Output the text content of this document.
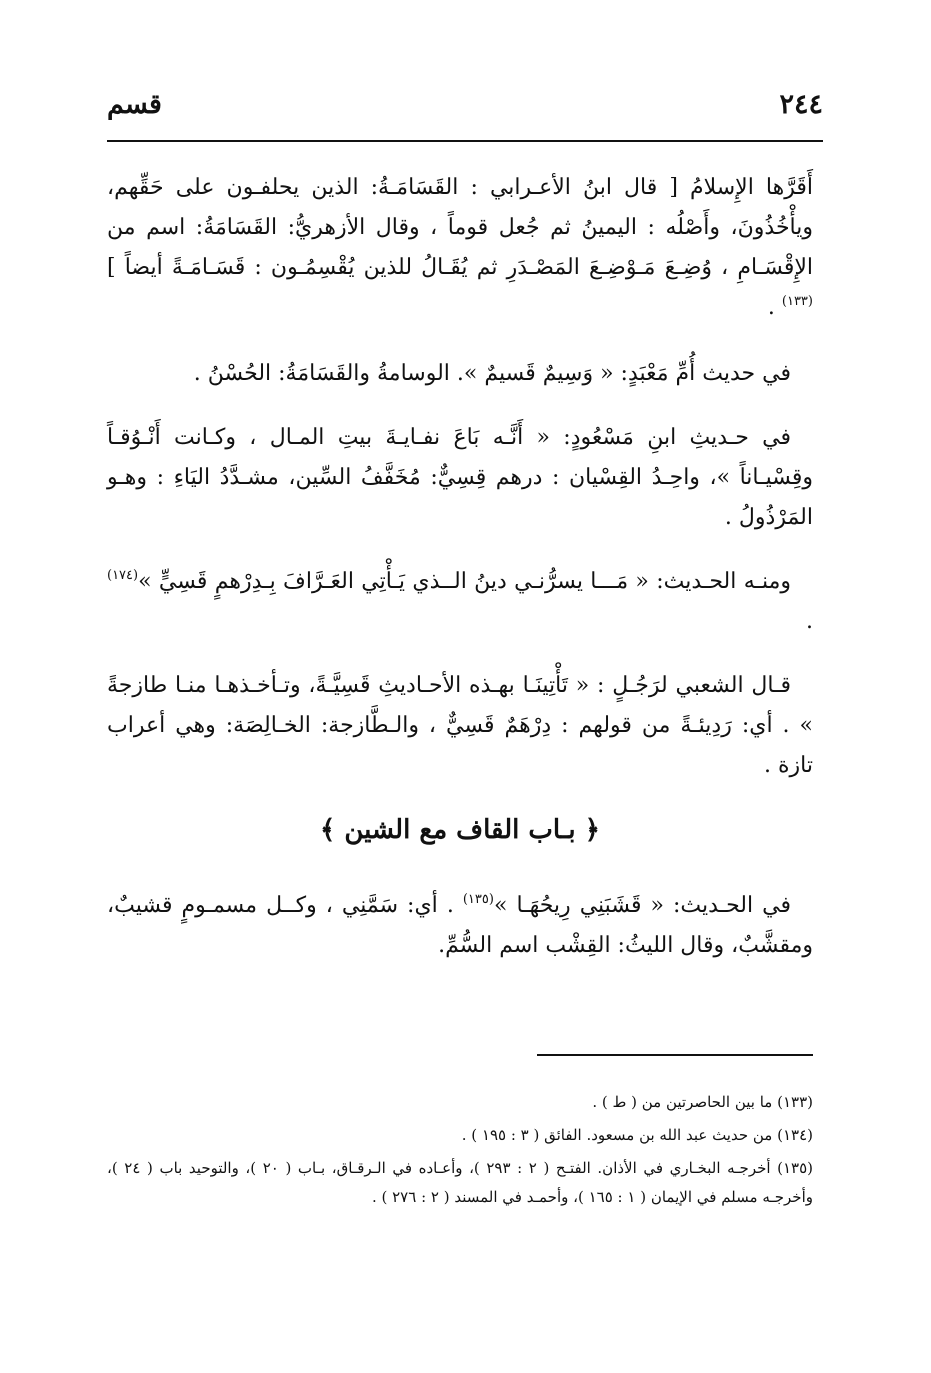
٢٤٤
قسم

أَقَرَّها الإِسلامُ [ قال ابنُ الأعـرابي : القَسَامَـةُ: الذين يحلفـون على حَقِّهم، ويأْخُذُونَ، وأَصْلُه : اليمينُ ثم جُعل قوماً ، وقال الأزهريُّ: القَسَامَةُ: اسم من الإِقْسَـامِ ، وُضِـعَ مَـوْضِـعَ المَصْـدَرِ ثم يُقَـالُ للذين يُقْسِمُـون : قَسَـامَـةً أيضاً ]$^{(١٣٣)}$ .

في حديث أُمِّ مَعْبَدٍ: « وَسِيمٌ قَسيمٌ ». الوسامةُ والقَسَامَةُ: الحُسْنُ .

في حـديثِ ابنِ مَسْعُودٍ: « أَنَّـه بَاعَ نفـايـةَ بيتِ المـال ، وكـانت أَنْـوُقـاً وقِسْيـاناً »، واحِـدُ القِسْيان : درهم قِسِيٌّ: مُخَفَّفُ السِّين، مشـدَّدُ اليَاءِ : وهـو المَرْذُولُ .

ومنـه الحـديث: « مَـــا يسرُّنـي دينُ الــذي يَـأْتِي العَـرَّافَ بِـدِرْهمٍ قَسِيٍّ »$^{(١٧٤)}$ .

قـال الشعبي لرَجُـلٍ : « تَأْتِينَـا بهـذه الأحـاديثِ قَسِيَّـةً، وتـأخـذهـا منـا طازجةً » . أي: رَدِيئـةً من قولهم : دِرْهَمٌ قَسِيٌّ ، والـطَّازجة: الخـالِصَة: وهي أعراب تازة .

﴿ بـاب القاف مع الشين ﴾

في الحـديث: « قَشَبَنِي رِيحُهَـا »$^{(١٣٥)}$ . أي: سَمَّنِي ، وكــل مسمـومٍ قشيبٌ، ومقشَّبٌ، وقال الليثُ: القِشْب اسم السُّمِّ.

(١٣٣) ما بين الحاصرتين من ( ط ) .

(١٣٤) من حديث عبد الله بن مسعود. الفائق ( ٣ : ١٩٥ ) .

(١٣٥) أخرجـه البخـاري في الأذان. الفتـح ( ٢ : ٢٩٣ )، وأعـاده في الـرقـاق، بـاب ( ٢٠ )، والتوحيد باب ( ٢٤ )، وأخرجـه مسلم في الإيمان ( ١ : ١٦٥ )، وأحمـد في المسند ( ٢ : ٢٧٦ ) .
